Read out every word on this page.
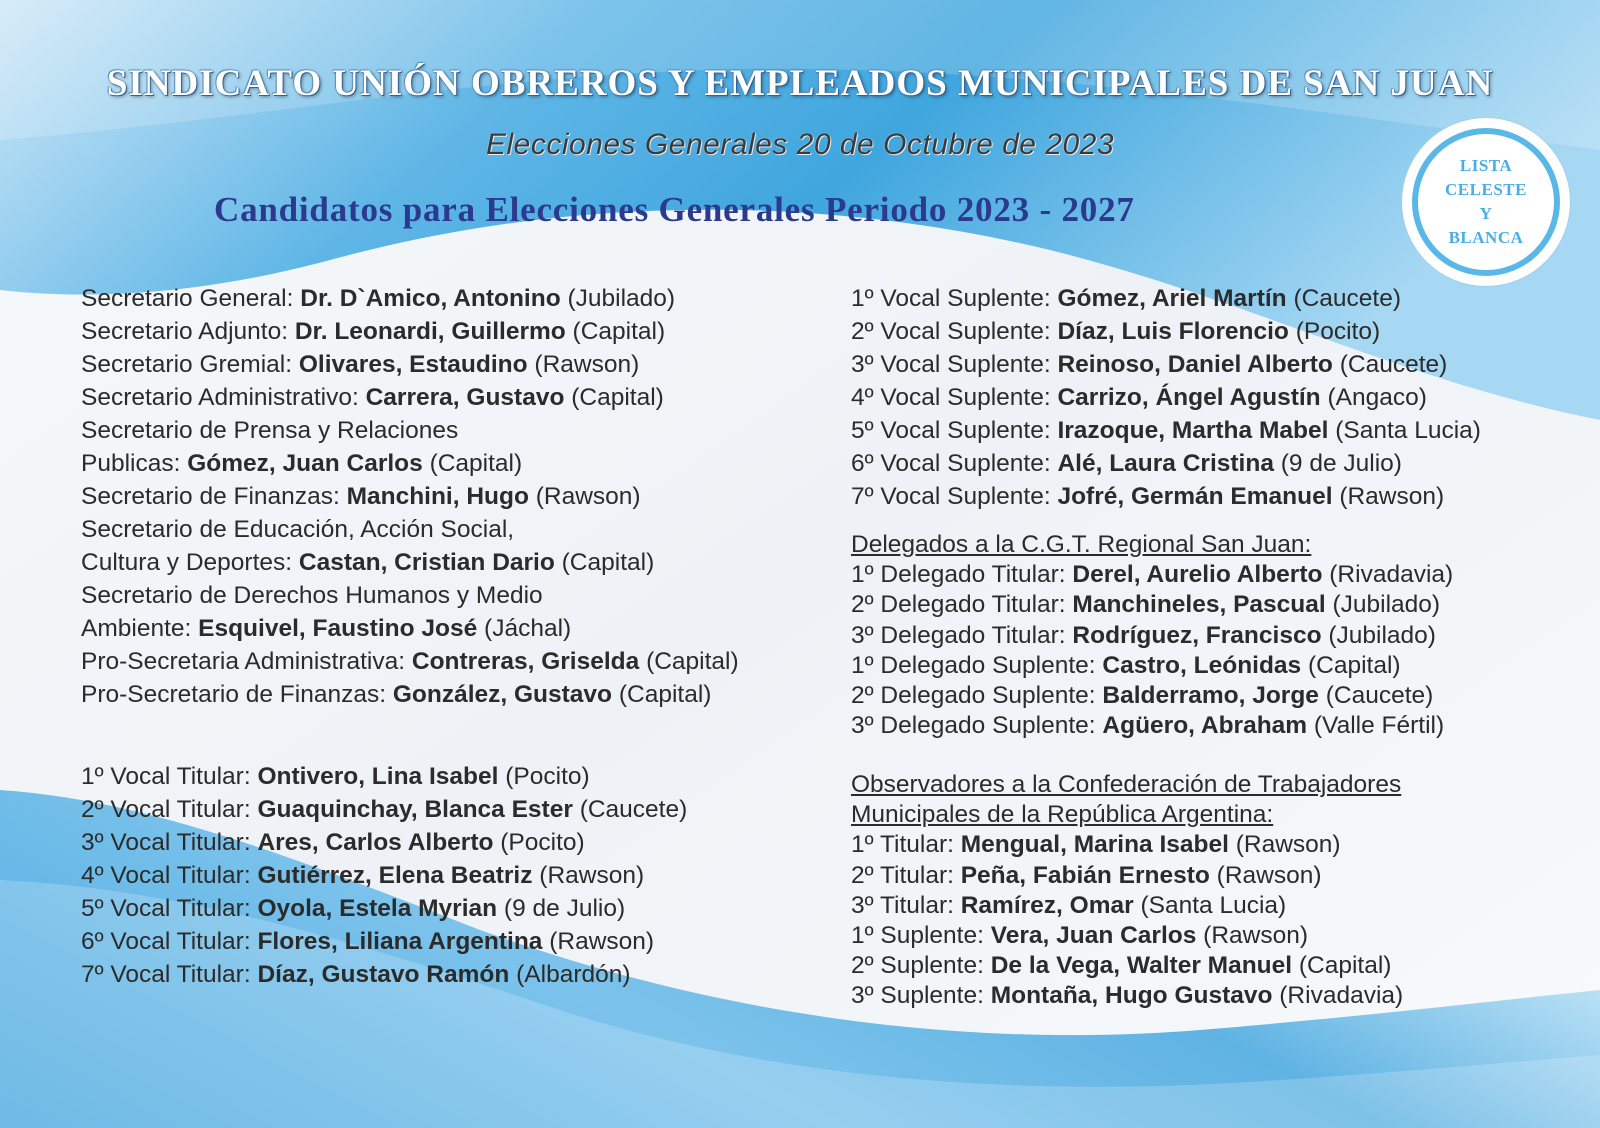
SINDICATO UNIÓN OBREROS Y EMPLEADOS MUNICIPALES DE SAN JUAN
Elecciones Generales 20 de Octubre de 2023
Candidatos para Elecciones Generales Periodo 2023 - 2027
LISTA
CELESTE
Y
BLANCA
Secretario General: Dr. D`Amico, Antonino (Jubilado)
Secretario Adjunto: Dr. Leonardi, Guillermo (Capital)
Secretario Gremial: Olivares, Estaudino (Rawson)
Secretario Administrativo: Carrera, Gustavo (Capital)
Secretario de Prensa y Relaciones
Publicas: Gómez, Juan Carlos (Capital)
Secretario de Finanzas: Manchini, Hugo (Rawson)
Secretario de Educación, Acción Social,
Cultura y Deportes: Castan, Cristian Dario (Capital)
Secretario de Derechos Humanos y Medio
Ambiente: Esquivel, Faustino José (Jáchal)
Pro-Secretaria Administrativa: Contreras, Griselda (Capital)
Pro-Secretario de Finanzas: González, Gustavo (Capital)
1º Vocal Titular: Ontivero, Lina Isabel (Pocito)
2º Vocal Titular: Guaquinchay, Blanca Ester (Caucete)
3º Vocal Titular: Ares, Carlos Alberto (Pocito)
4º Vocal Titular: Gutiérrez, Elena Beatriz (Rawson)
5º Vocal Titular: Oyola, Estela Myrian (9 de Julio)
6º Vocal Titular: Flores, Liliana Argentina (Rawson)
7º Vocal Titular: Díaz, Gustavo Ramón (Albardón)
1º Vocal Suplente: Gómez, Ariel Martín (Caucete)
2º Vocal Suplente: Díaz, Luis Florencio (Pocito)
3º Vocal Suplente: Reinoso, Daniel Alberto (Caucete)
4º Vocal Suplente: Carrizo, Ángel Agustín (Angaco)
5º Vocal Suplente: Irazoque, Martha Mabel (Santa Lucia)
6º Vocal Suplente: Alé, Laura Cristina (9 de Julio)
7º Vocal Suplente: Jofré, Germán Emanuel (Rawson)
Delegados a la C.G.T. Regional San Juan:
1º Delegado Titular: Derel, Aurelio Alberto (Rivadavia)
2º Delegado Titular: Manchineles, Pascual (Jubilado)
3º Delegado Titular: Rodríguez, Francisco (Jubilado)
1º Delegado Suplente: Castro, Leónidas (Capital)
2º Delegado Suplente: Balderramo, Jorge (Caucete)
3º Delegado Suplente: Agüero, Abraham (Valle Fértil)
Observadores a la Confederación de Trabajadores
Municipales de la República Argentina:
1º Titular: Mengual, Marina Isabel (Rawson)
2º Titular: Peña, Fabián Ernesto (Rawson)
3º Titular: Ramírez, Omar (Santa Lucia)
1º Suplente: Vera, Juan Carlos (Rawson)
2º Suplente: De la Vega, Walter Manuel (Capital)
3º Suplente: Montaña, Hugo Gustavo (Rivadavia)
